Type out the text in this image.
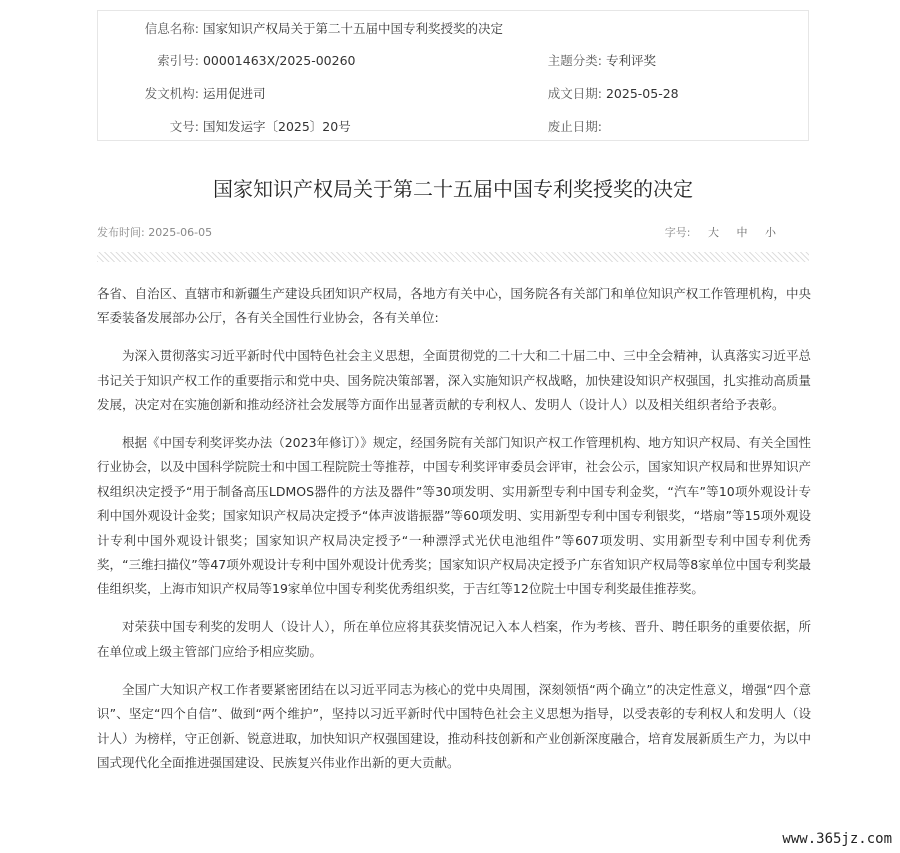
信息名称: 国家知识产权局关于第二十五届中国专利奖授奖的决定
索引号: 00001463X/2025-00260	主题分类: 专利评奖
发文机构: 运用促进司	成文日期: 2025-05-28
文号: 国知发运字〔2025〕20号	废止日期:
国家知识产权局关于第二十五届中国专利奖授奖的决定
发布时间: 2025-06-05	字号: 大 中 小

各省、自治区、直辖市和新疆生产建设兵团知识产权局，各地方有关中心，国务院各有关部门和单位知识产权工作管理机构，中央军委装备发展部办公厅，各有关全国性行业协会，各有关单位:

为深入贯彻落实习近平新时代中国特色社会主义思想，全面贯彻党的二十大和二十届二中、三中全会精神，认真落实习近平总书记关于知识产权工作的重要指示和党中央、国务院决策部署，深入实施知识产权战略，加快建设知识产权强国，扎实推动高质量发展，决定对在实施创新和推动经济社会发展等方面作出显著贡献的专利权人、发明人（设计人）以及相关组织者给予表彰。

根据《中国专利奖评奖办法（2023年修订）》规定，经国务院有关部门知识产权工作管理机构、地方知识产权局、有关全国性行业协会，以及中国科学院院士和中国工程院院士等推荐，中国专利奖评审委员会评审，社会公示，国家知识产权局和世界知识产权组织决定授予“用于制备高压LDMOS器件的方法及器件”等30项发明、实用新型专利中国专利金奖，“汽车”等10项外观设计专利中国外观设计金奖；国家知识产权局决定授予“体声波谐振器”等60项发明、实用新型专利中国专利银奖，“塔扇”等15项外观设计专利中国外观设计银奖；国家知识产权局决定授予“一种漂浮式光伏电池组件”等607项发明、实用新型专利中国专利优秀奖，“三维扫描仪”等47项外观设计专利中国外观设计优秀奖；国家知识产权局决定授予广东省知识产权局等8家单位中国专利奖最佳组织奖，上海市知识产权局等19家单位中国专利奖优秀组织奖，于吉红等12位院士中国专利奖最佳推荐奖。

对荣获中国专利奖的发明人（设计人），所在单位应将其获奖情况记入本人档案，作为考核、晋升、聘任职务的重要依据，所在单位或上级主管部门应给予相应奖励。

全国广大知识产权工作者要紧密团结在以习近平同志为核心的党中央周围，深刻领悟“两个确立”的决定性意义，增强“四个意识”、坚定“四个自信”、做到“两个维护”，坚持以习近平新时代中国特色社会主义思想为指导，以受表彰的专利权人和发明人（设计人）为榜样，守正创新、锐意进取，加快知识产权强国建设，推动科技创新和产业创新深度融合，培育发展新质生产力，为以中国式现代化全面推进强国建设、民族复兴伟业作出新的更大贡献。

www.365jz.com
